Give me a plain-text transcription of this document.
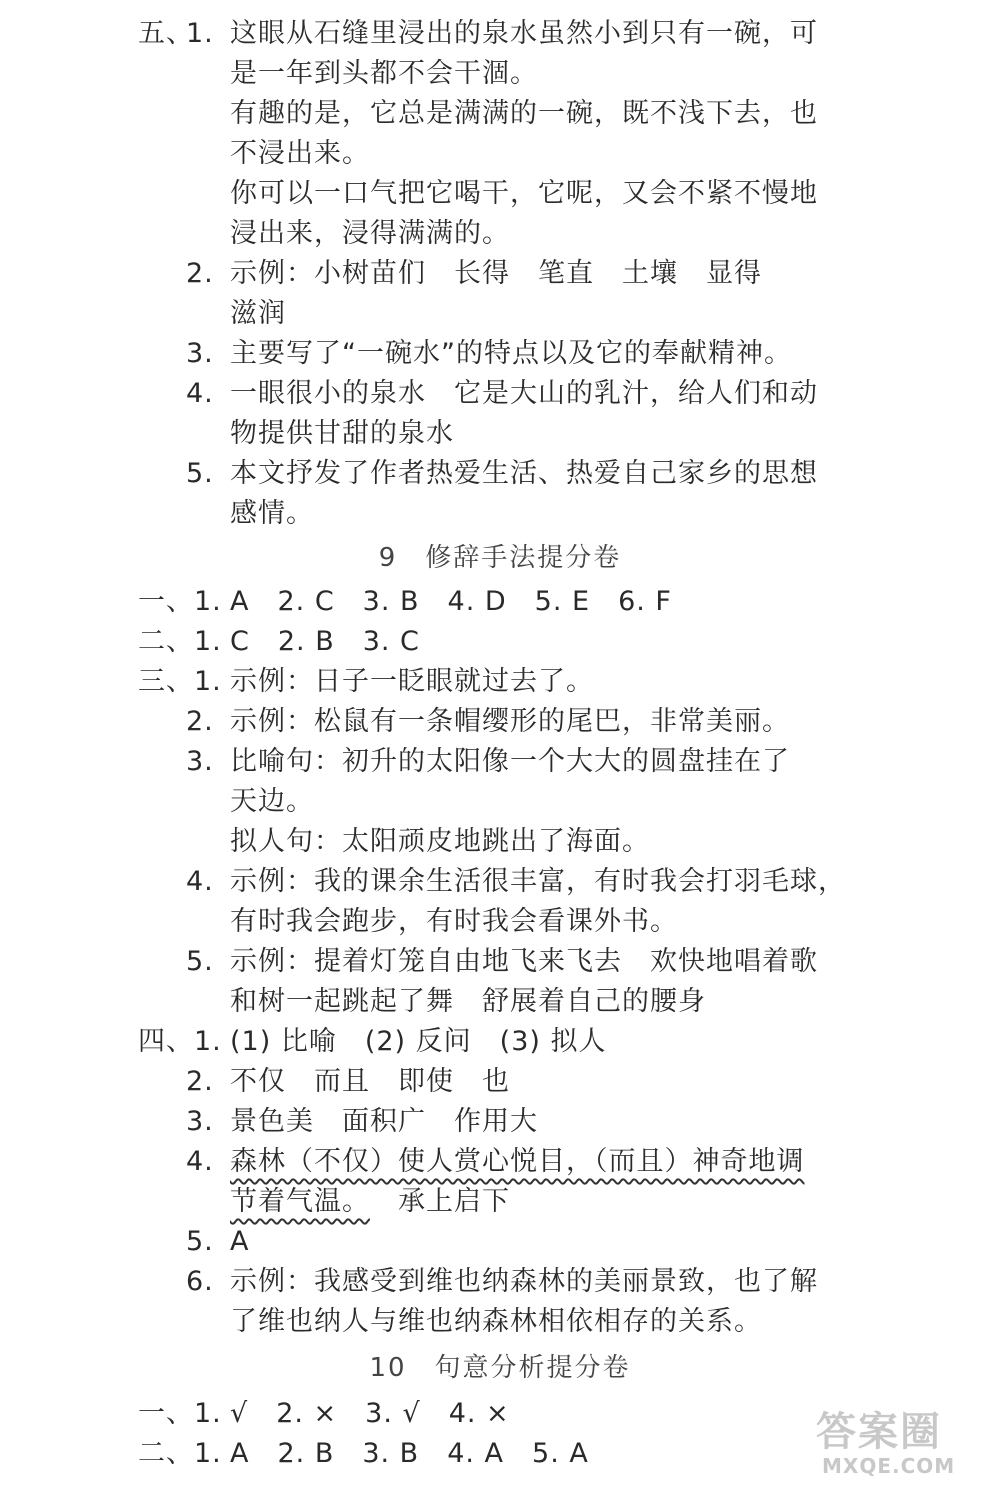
五、
1. 这眼从石缝里浸出的泉水虽然小到只有一碗，可
是一年到头都不会干涸。
有趣的是，它总是满满的一碗，既不浅下去，也
不浸出来。
你可以一口气把它喝干，它呢，又会不紧不慢地
浸出来，浸得满满的。
2. 示例：小树苗们　长得　笔直　土壤　显得
滋润
3. 主要写了“一碗水”的特点以及它的奉献精神。
4. 一眼很小的泉水　它是大山的乳汁，给人们和动
物提供甘甜的泉水
5. 本文抒发了作者热爱生活、热爱自己家乡的思想
感情。
9　修辞手法提分卷
一、1. A　2. C　3. B　4. D　5. E　6. F
二、1. C　2. B　3. C
三、1. 示例：日子一眨眼就过去了。
2. 示例：松鼠有一条帽缨形的尾巴，非常美丽。
3. 比喻句：初升的太阳像一个大大的圆盘挂在了
天边。
拟人句：太阳顽皮地跳出了海面。
4. 示例：我的课余生活很丰富，有时我会打羽毛球，
有时我会跑步，有时我会看课外书。
5. 示例：提着灯笼自由地飞来飞去　欢快地唱着歌
和树一起跳起了舞　舒展着自己的腰身
四、1. (1) 比喻　(2) 反问　(3) 拟人
2. 不仅　而且　即使　也
3. 景色美　面积广　作用大
4. 森林（不仅）使人赏心悦目，（而且）神奇地调
节着气温。 承上启下
5. A
6. 示例：我感受到维也纳森林的美丽景致，也了解
了维也纳人与维也纳森林相依相存的关系。
10　句意分析提分卷
一、1. √　2. ×　3. √　4. ×
二、1. A　2. B　3. B　4. A　5. A	答案圈
MXQE.COM
